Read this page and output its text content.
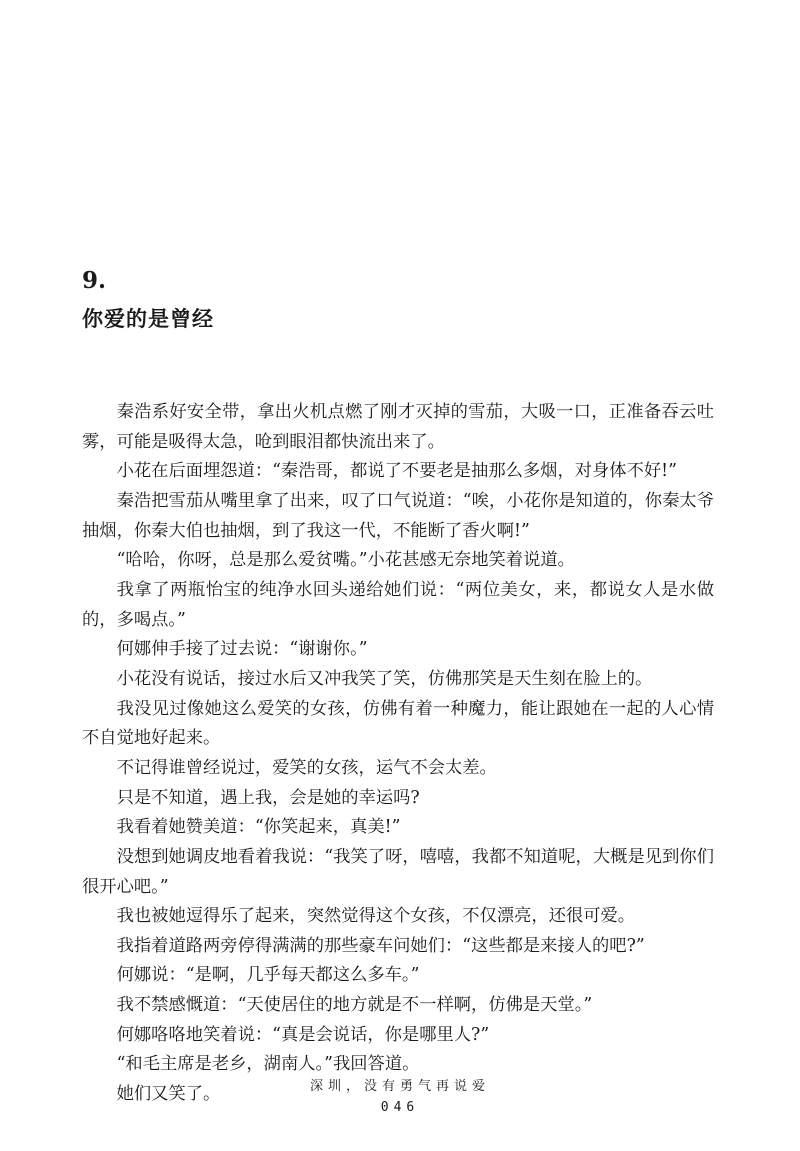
9.
你爱的是曾经

秦浩系好安全带，拿出火机点燃了刚才灭掉的雪茄，大吸一口，正准备吞云吐雾，可能是吸得太急，呛到眼泪都快流出来了。

小花在后面埋怨道：“秦浩哥，都说了不要老是抽那么多烟，对身体不好!”

秦浩把雪茄从嘴里拿了出来，叹了口气说道：“唉，小花你是知道的，你秦太爷抽烟，你秦大伯也抽烟，到了我这一代，不能断了香火啊!”

“哈哈，你呀，总是那么爱贫嘴。”小花甚感无奈地笑着说道。

我拿了两瓶怡宝的纯净水回头递给她们说：“两位美女，来，都说女人是水做的，多喝点。”

何娜伸手接了过去说：“谢谢你。”

小花没有说话，接过水后又冲我笑了笑，仿佛那笑是天生刻在脸上的。

我没见过像她这么爱笑的女孩，仿佛有着一种魔力，能让跟她在一起的人心情不自觉地好起来。

不记得谁曾经说过，爱笑的女孩，运气不会太差。

只是不知道，遇上我，会是她的幸运吗?

我看着她赞美道：“你笑起来，真美!”

没想到她调皮地看着我说：“我笑了呀，嘻嘻，我都不知道呢，大概是见到你们很开心吧。”

我也被她逗得乐了起来，突然觉得这个女孩，不仅漂亮，还很可爱。

我指着道路两旁停得满满的那些豪车问她们：“这些都是来接人的吧?”

何娜说：“是啊，几乎每天都这么多车。”

我不禁感慨道：“天使居住的地方就是不一样啊，仿佛是天堂。”

何娜咯咯地笑着说：“真是会说话，你是哪里人?”

“和毛主席是老乡，湖南人。”我回答道。

她们又笑了。	深圳，没有勇气再说爱
046
